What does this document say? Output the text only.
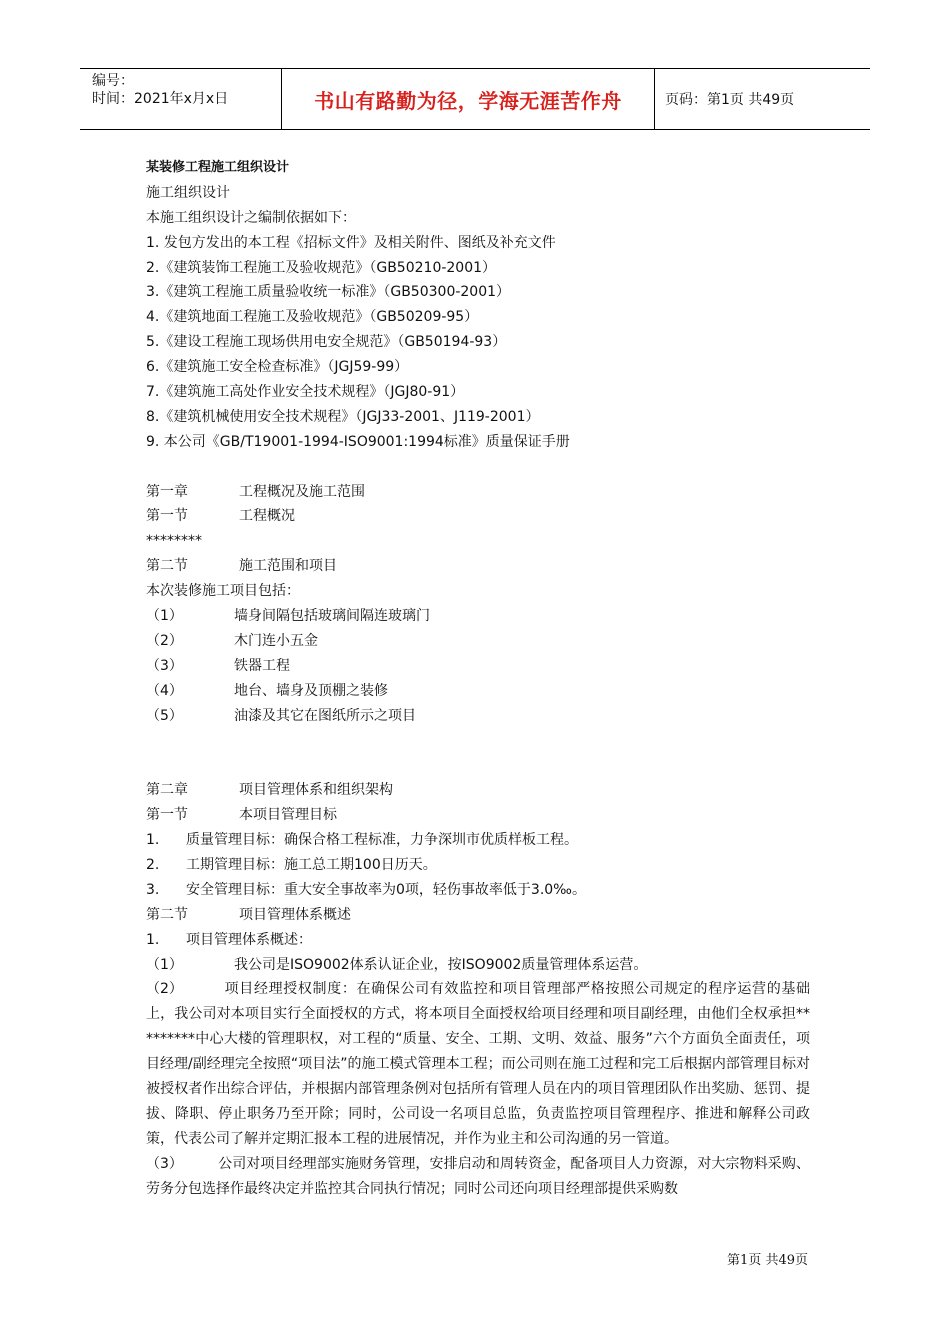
编号：
时间：2021年x月x日	书山有路勤为径，学海无涯苦作舟	页码：第1页 共49页
某装修工程施工组织设计
施工组织设计
本施工组织设计之编制依据如下：
1. 发包方发出的本工程《招标文件》及相关附件、图纸及补充文件
2.《建筑装饰工程施工及验收规范》（GB50210-2001）
3.《建筑工程施工质量验收统一标准》（GB50300-2001）
4.《建筑地面工程施工及验收规范》（GB50209-95）
5.《建设工程施工现场供用电安全规范》（GB50194-93）
6.《建筑施工安全检查标准》（JGJ59-99）
7.《建筑施工高处作业安全技术规程》（JGJ80-91）
8.《建筑机械使用安全技术规程》（JGJ33-2001、J119-2001）
9. 本公司《GB/T19001-1994-ISO9001:1994标准》质量保证手册
第一章	工程概况及施工范围
第一节	工程概况
********
第二节	施工范围和项目
本次装修施工项目包括：
（1）	墙身间隔包括玻璃间隔连玻璃门
（2）	木门连小五金
（3）	铁器工程
（4）	地台、墙身及顶棚之装修
（5）	油漆及其它在图纸所示之项目
第二章	项目管理体系和组织架构
第一节	本项目管理目标
1. 质量管理目标：确保合格工程标准，力争深圳市优质样板工程。
2. 工期管理目标：施工总工期100日历天。
3. 安全管理目标：重大安全事故率为0项，轻伤事故率低于3.0‰。
第二节	项目管理体系概述
1. 项目管理体系概述：
（1）	我公司是ISO9002体系认证企业，按ISO9002质量管理体系运营。
（2）	项目经理授权制度：在确保公司有效监控和项目管理部严格按照公司规定的程序运营的基础上，我公司对本项目实行全面授权的方式，将本项目全面授权给项目经理和项目副经理，由他们全权承担*********中心大楼的管理职权，对工程的“质量、安全、工期、文明、效益、服务”六个方面负全面责任，项目经理/副经理完全按照“项目法”的施工模式管理本工程；而公司则在施工过程和完工后根据内部管理目标对被授权者作出综合评估，并根据内部管理条例对包括所有管理人员在内的项目管理团队作出奖励、惩罚、提拔、降职、停止职务乃至开除；同时，公司设一名项目总监，负责监控项目管理程序、推进和解释公司政策，代表公司了解并定期汇报本工程的进展情况，并作为业主和公司沟通的另一管道。
（3）	公司对项目经理部实施财务管理，安排启动和周转资金，配备项目人力资源，对大宗物料采购、劳务分包选择作最终决定并监控其合同执行情况；同时公司还向项目经理部提供采购数
第1页 共49页
